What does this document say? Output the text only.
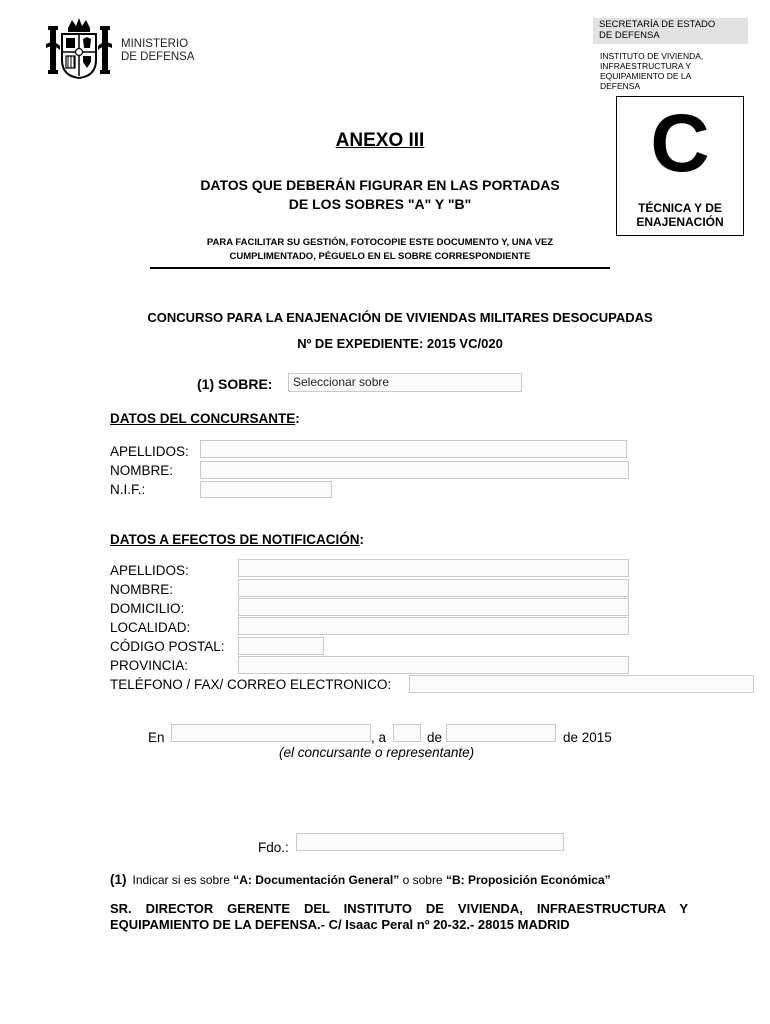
MINISTERIO
DE DEFENSA
SECRETARÍA DE ESTADO
DE DEFENSA
INSTITUTO DE VIVIENDA,
INFRAESTRUCTURA Y
EQUIPAMIENTO DE LA
DEFENSA
C
TÉCNICA Y DE
ENAJENACIÓN
ANEXO III
DATOS QUE DEBERÁN FIGURAR EN LAS PORTADAS
DE LOS SOBRES "A" Y "B"
PARA FACILITAR SU GESTIÓN, FOTOCOPIE ESTE DOCUMENTO Y, UNA VEZ
CUMPLIMENTADO, PÉGUELO EN EL SOBRE CORRESPONDIENTE
CONCURSO PARA LA ENAJENACIÓN DE VIVIENDAS MILITARES DESOCUPADAS
Nº DE EXPEDIENTE: 2015 VC/020
(1) SOBRE:	Seleccionar sobre
DATOS DEL CONCURSANTE:
APELLIDOS:
NOMBRE:
N.I.F.:
DATOS A EFECTOS DE NOTIFICACIÓN:
APELLIDOS:
NOMBRE:
DOMICILIO:
LOCALIDAD:
CÓDIGO POSTAL:
PROVINCIA:
TELÉFONO / FAX/ CORREO ELECTRONICO:
En	, a	de	de 2015
(el concursante o representante)
Fdo.:
(1) Indicar si es sobre “A: Documentación General” o sobre “B: Proposición Económica”
SR. DIRECTOR GERENTE DEL INSTITUTO DE VIVIENDA, INFRAESTRUCTURA Y
EQUIPAMIENTO DE LA DEFENSA.- C/ Isaac Peral nº 20-32.- 28015 MADRID
